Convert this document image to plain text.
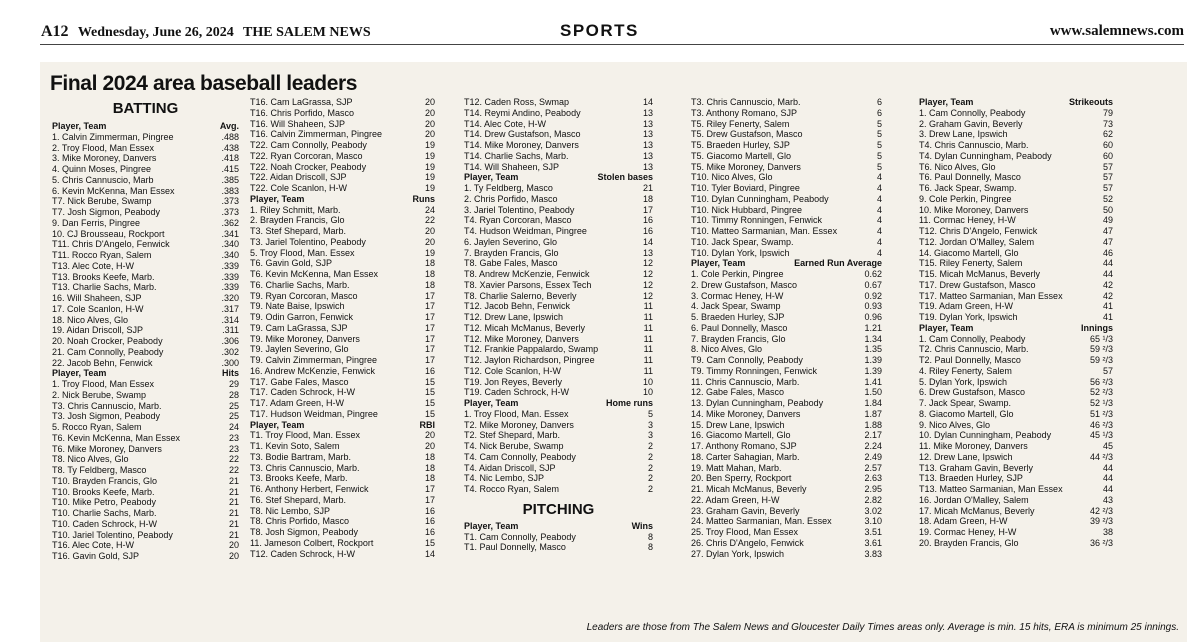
A12 Wednesday, June 26, 2024 THE SALEM NEWS	SPORTS	www.salemnews.com
Final 2024 area baseball leaders
BATTING
Player, Team	Avg.
1. Calvin Zimmerman, Pingree	.488
2. Troy Flood, Man Essex	.438
3. Mike Moroney, Danvers	.418
4. Quinn Moses, Pingree	.415
5. Chris Cannuscio, Marb	.385
6. Kevin McKenna, Man Essex	.383
T7. Nick Berube, Swamp	.373
T7. Josh Sigmon, Peabody	.373
9. Dan Ferris, Pingree	.362
10. CJ Brousseau, Rockport	.341
T11. Chris D'Angelo, Fenwick	.340
T11. Rocco Ryan, Salem	.340
T13. Alec Cote, H-W	.339
T13. Brooks Keefe, Marb.	.339
T13. Charlie Sachs, Marb.	.339
16. Will Shaheen, SJP	.320
17. Cole Scanlon, H-W	.317
18. Nico Alves, Glo	.314
19. Aidan Driscoll, SJP	.311
20. Noah Crocker, Peabody	.306
21. Cam Connolly, Peabody	.302
22. Jacob Behn, Fenwick	.300
Player, Team	Hits
1. Troy Flood, Man Essex	29
2. Nick Berube, Swamp	28
T3. Chris Cannuscio, Marb.	25
T3. Josh Sigmon, Peabody	25
5. Rocco Ryan, Salem	24
T6. Kevin McKenna, Man Essex	23
T6. Mike Moroney, Danvers	23
T8. Nico Alves, Glo	22
T8. Ty Feldberg, Masco	22
T10. Brayden Francis, Glo	21
T10. Brooks Keefe, Marb.	21
T10. Mike Petro, Peabody	21
T10. Charlie Sachs, Marb.	21
T10. Caden Schrock, H-W	21
T10. Jariel Tolentino, Peabody	21
T16. Alec Cote, H-W	20
T16. Gavin Gold, SJP	20
T16. Cam LaGrassa, SJP	20
T16. Chris Porfido, Masco	20
T16. Will Shaheen, SJP	20
T16. Calvin Zimmerman, Pingree	20
T22. Cam Connolly, Peabody	19
T22. Ryan Corcoran, Masco	19
T22. Noah Crocker, Peabody	19
T22. Aidan Driscoll, SJP	19
T22. Cole Scanlon, H-W	19
Player, Team	Runs
1. Riley Schmitt, Marb.	24
2. Brayden Francis, Glo	22
T3. Stef Shepard, Marb.	20
T3. Jariel Tolentino, Peabody	20
5. Troy Flood, Man. Essex	19
T6. Gavin Gold, SJP	18
T6. Kevin McKenna, Man Essex	18
T6. Charlie Sachs, Marb.	18
T9. Ryan Corcoran, Masco	17
T9. Nate Baise, Ipswich	17
T9. Odin Garron, Fenwick	17
T9. Cam LaGrassa, SJP	17
T9. Mike Moroney, Danvers	17
T9. Jaylen Severino, Glo	17
T9. Calvin Zimmerman, Pingree	17
16. Andrew McKenzie, Fenwick	16
T17. Gabe Fales, Masco	15
T17. Caden Schrock, H-W	15
T17. Adam Green, H-W	15
T17. Hudson Weidman, Pingree	15
Player, Team	RBI
T1. Troy Flood, Man. Essex	20
T1. Kevin Soto, Salem	20
T3. Bodie Bartram, Marb.	18
T3. Chris Cannuscio, Marb.	18
T3. Brooks Keefe, Marb.	18
T6. Anthony Herbert, Fenwick	17
T6. Stef Shepard, Marb.	17
T8. Nic Lembo, SJP	16
T8. Chris Porfido, Masco	16
T8. Josh Sigmon, Peabody	16
11. Jameson Colbert, Rockport	15
T12. Caden Schrock, H-W	14
T12. Caden Ross, Swmap	14
T14. Reymi Andino, Peabody	13
T14. Alec Cote, H-W	13
T14. Drew Gustafson, Masco	13
T14. Mike Moroney, Danvers	13
T14. Charlie Sachs, Marb.	13
T14. Will Shaheen, SJP	13
Player, Team	Stolen bases
1. Ty Feldberg, Masco	21
2. Chris Porfido, Masco	18
3. Jariel Tolentino, Peabody	17
T4. Ryan Corcoran, Masco	16
T4. Hudson Weidman, Pingree	16
6. Jaylen Severino, Glo	14
7. Brayden Francis, Glo	13
T8. Gabe Fales, Masco	12
T8. Andrew McKenzie, Fenwick	12
T8. Xavier Parsons, Essex Tech	12
T8. Charlie Salerno, Beverly	12
T12. Jacob Behn, Fenwick	11
T12. Drew Lane, Ipswich	11
T12. Micah McManus, Beverly	11
T12. Mike Moroney, Danvers	11
T12. Frankie Pappalardo, Swamp	11
T12. Jaylon Richardson, Pingree	11
T12. Cole Scanlon, H-W	11
T19. Jon Reyes, Beverly	10
T19. Caden Schrock, H-W	10
Player, Team	Home runs
1. Troy Flood, Man. Essex	5
T2. Mike Moroney, Danvers	3
T2. Stef Shepard, Marb.	3
T4. Nick Berube, Swamp	2
T4. Cam Connolly, Peabody	2
T4. Aidan Driscoll, SJP	2
T4. Nic Lembo, SJP	2
T4. Rocco Ryan, Salem	2
PITCHING
Player, Team	Wins
T1. Cam Connolly, Peabody	8
T1. Paul Donnelly, Masco	8
T3. Chris Cannuscio, Marb.	6
T3. Anthony Romano, SJP	6
T5. Riley Fenerty, Salem	5
T5. Drew Gustafson, Masco	5
T5. Braeden Hurley, SJP	5
T5. Giacomo Martell, Glo	5
T5. Mike Moroney, Danvers	5
T10. Nico Alves, Glo	4
T10. Tyler Boviard, Pingree	4
T10. Dylan Cunningham, Peabody	4
T10. Nick Hubbard, Pingree	4
T10. Timmy Ronningen, Fenwick	4
T10. Matteo Sarmanian, Man. Essex	4
T10. Jack Spear, Swamp.	4
T10. Dylan York, Ipswich	4
Player, Team	Earned Run Average
1. Cole Perkin, Pingree	0.62
2. Drew Gustafson, Masco	0.67
3. Cormac Heney, H-W	0.92
4. Jack Spear, Swamp	0.93
5. Braeden Hurley, SJP	0.96
6. Paul Donnelly, Masco	1.21
7. Brayden Francis, Glo	1.34
8. Nico Alves, Glo	1.35
T9. Cam Connolly, Peabody	1.39
T9. Timmy Ronningen, Fenwick	1.39
11. Chris Cannuscio, Marb.	1.41
12. Gabe Fales, Masco	1.50
13. Dylan Cunningham, Peabody	1.84
14. Mike Moroney, Danvers	1.87
15. Drew Lane, Ipswich	1.88
16. Giacomo Martell, Glo	2.17
17. Anthony Romano, SJP	2.24
18. Carter Sahagian, Marb.	2.49
19. Matt Mahan, Marb.	2.57
20. Ben Sperry, Rockport	2.63
21. Micah McManus, Beverly	2.95
22. Adam Green, H-W	2.82
23. Graham Gavin, Beverly	3.02
24. Matteo Sarmanian, Man. Essex	3.10
25. Troy Flood, Man Essex	3.51
26. Chris D'Angelo, Fenwick	3.61
27. Dylan York, Ipswich	3.83
Player, Team	Strikeouts
1. Cam Connolly, Peabody	79
2. Graham Gavin, Beverly	73
3. Drew Lane, Ipswich	62
T4. Chris Cannuscio, Marb.	60
T4. Dylan Cunningham, Peabody	60
T6. Nico Alves, Glo	57
T6. Paul Donnelly, Masco	57
T6. Jack Spear, Swamp.	57
9. Cole Perkin, Pingree	52
10. Mike Moroney, Danvers	50
11. Cormac Heney, H-W	49
T12. Chris D'Angelo, Fenwick	47
T12. Jordan O'Malley, Salem	47
14. Giacomo Martell, Glo	46
T15. Riley Fenerty, Salem	44
T15. Micah McManus, Beverly	44
T17. Drew Gustafson, Masco	42
T17. Matteo Sarmanian, Man Essex	42
T19. Adam Green, H-W	41
T19. Dylan York, Ipswich	41
Player, Team	Innings
1. Cam Connolly, Peabody	65 ¹/3
T2. Chris Cannuscio, Marb.	59 ²/3
T2. Paul Donnelly, Masco	59 ²/3
4. Riley Fenerty, Salem	57
5. Dylan York, Ipswich	56 ²/3
6. Drew Gustafson, Masco	52 ²/3
7. Jack Spear, Swamp.	52 ¹/3
8. Giacomo Martell, Glo	51 ²/3
9. Nico Alves, Glo	46 ²/3
10. Dylan Cunningham, Peabody	45 ¹/3
11. Mike Moroney, Danvers	45
12. Drew Lane, Ipswich	44 ²/3
T13. Graham Gavin, Beverly	44
T13. Braeden Hurley, SJP	44
T13. Matteo Sarmanian, Man Essex	44
16. Jordan O'Malley, Salem	43
17. Micah McManus, Beverly	42 ²/3
18. Adam Green, H-W	39 ²/3
19. Cormac Heney, H-W	38
20. Brayden Francis, Glo	36 ²/3
Leaders are those from The Salem News and Gloucester Daily Times areas only. Average is min. 15 hits, ERA is minimum 25 innings.
